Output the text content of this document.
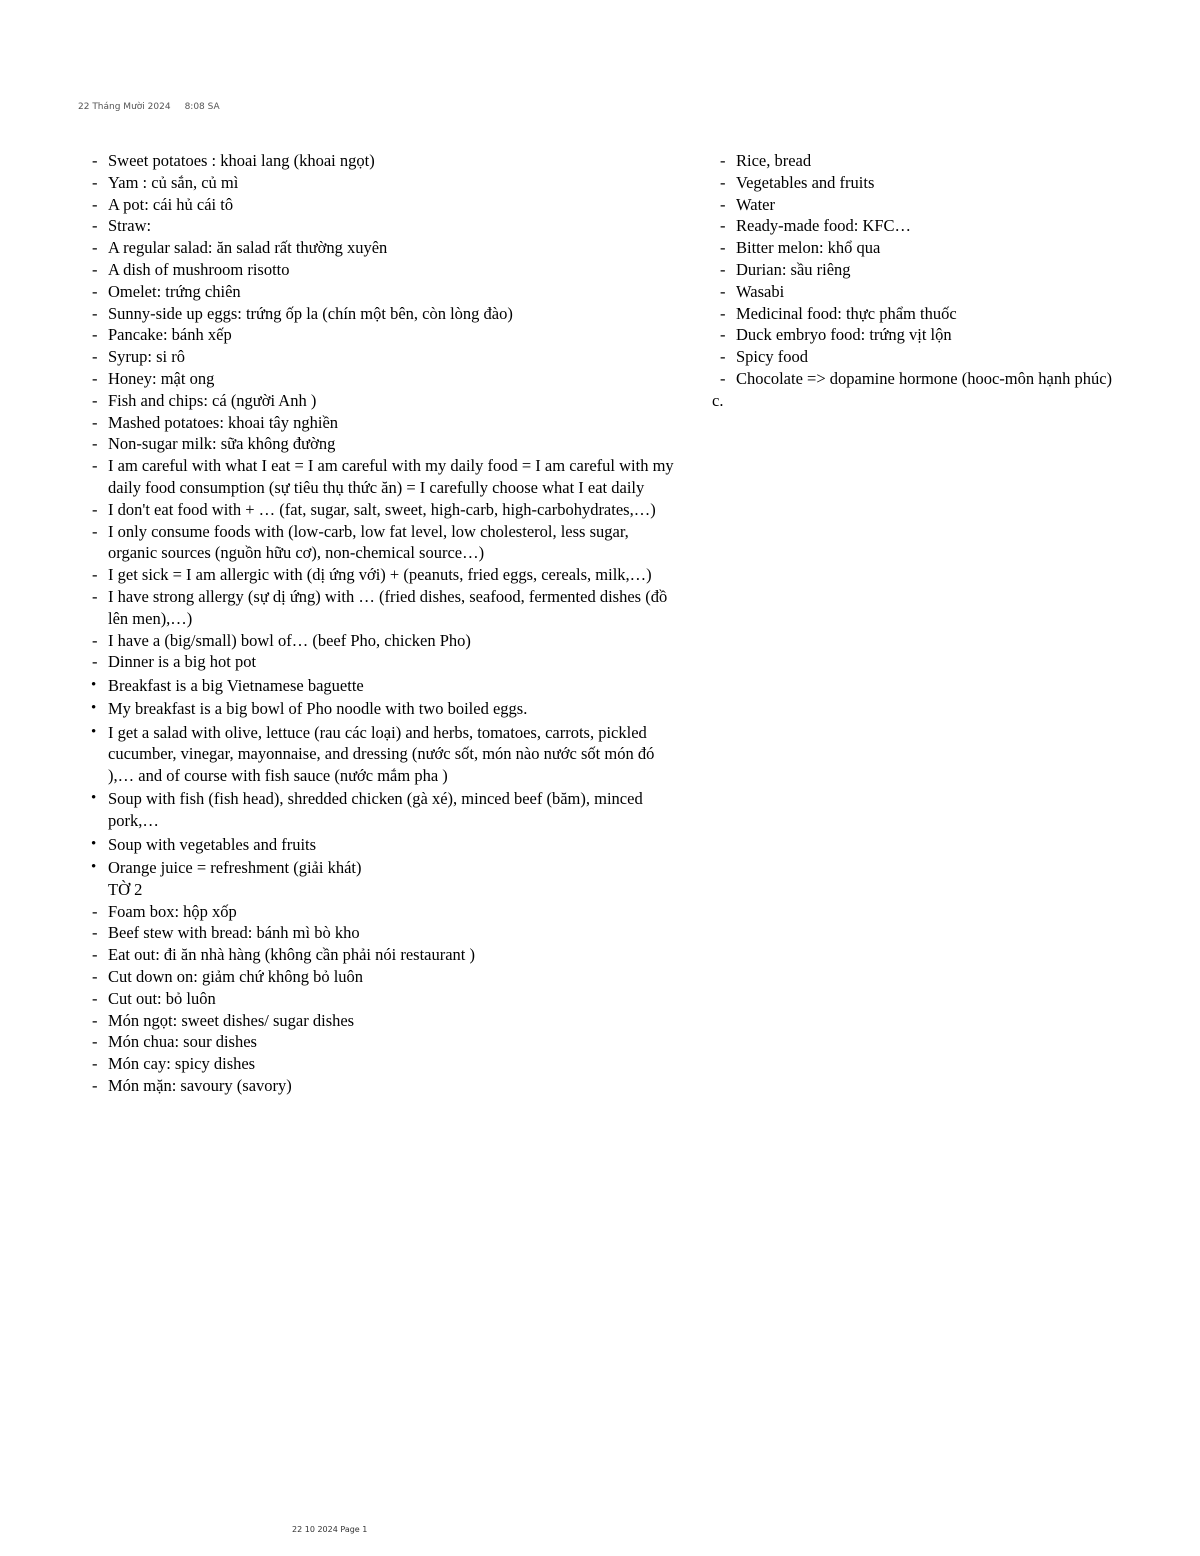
22 Tháng Mười 2024 8:08 SA
- Sweet potatoes : khoai lang (khoai ngọt)
- Yam : củ sắn, củ mì
- A pot: cái hủ cái tô
- Straw:
- A regular salad: ăn salad rất thường xuyên
- A dish of mushroom risotto
- Omelet: trứng chiên
- Sunny-side up eggs: trứng ốp la (chín một bên, còn lòng đào)
- Pancake: bánh xếp
- Syrup: si rô
- Honey: mật ong
- Fish and chips: cá (người Anh )
- Mashed potatoes: khoai tây nghiền
- Non-sugar milk: sữa không đường
- I am careful with what I eat = I am careful with my daily food = I am careful with my daily food consumption (sự tiêu thụ thức ăn) = I carefully choose what I eat daily
- I don't eat food with + … (fat, sugar, salt, sweet, high-carb, high-carbohydrates,…)
- I only consume foods with (low-carb, low fat level, low cholesterol, less sugar, organic sources (nguồn hữu cơ), non-chemical source…)
- I get sick = I am allergic with (dị ứng với) + (peanuts, fried eggs, cereals, milk,…)
- I have strong allergy (sự dị ứng) with … (fried dishes, seafood, fermented dishes (đồ lên men),…)
- I have a (big/small) bowl of… (beef Pho, chicken Pho)
- Dinner is a big hot pot
• Breakfast is a big Vietnamese baguette
• My breakfast is a big bowl of Pho noodle with two boiled eggs.
• I get a salad with olive, lettuce (rau các loại) and herbs, tomatoes, carrots, pickled cucumber, vinegar, mayonnaise, and dressing (nước sốt, món nào nước sốt món đó ),… and of course with fish sauce (nước mắm pha )
• Soup with fish (fish head), shredded chicken (gà xé), minced beef (băm), minced pork,…
• Soup with vegetables and fruits
• Orange juice = refreshment (giải khát)
TỜ 2
- Foam box: hộp xốp
- Beef stew with bread: bánh mì bò kho
- Eat out: đi ăn nhà hàng (không cần phải nói restaurant )
- Cut down on: giảm chứ không bỏ luôn
- Cut out: bỏ luôn
- Món ngọt: sweet dishes/ sugar dishes
- Món chua: sour dishes
- Món cay: spicy dishes
- Món mặn: savoury (savory)
- Rice, bread
- Vegetables and fruits
- Water
- Ready-made food: KFC…
- Bitter melon: khổ qua
- Durian: sầu riêng
- Wasabi
- Medicinal food: thực phẩm thuốc
- Duck embryo food: trứng vịt lộn
- Spicy food
- Chocolate => dopamine hormone (hooc-môn hạnh phúc)
c.
22 10 2024 Page 1
